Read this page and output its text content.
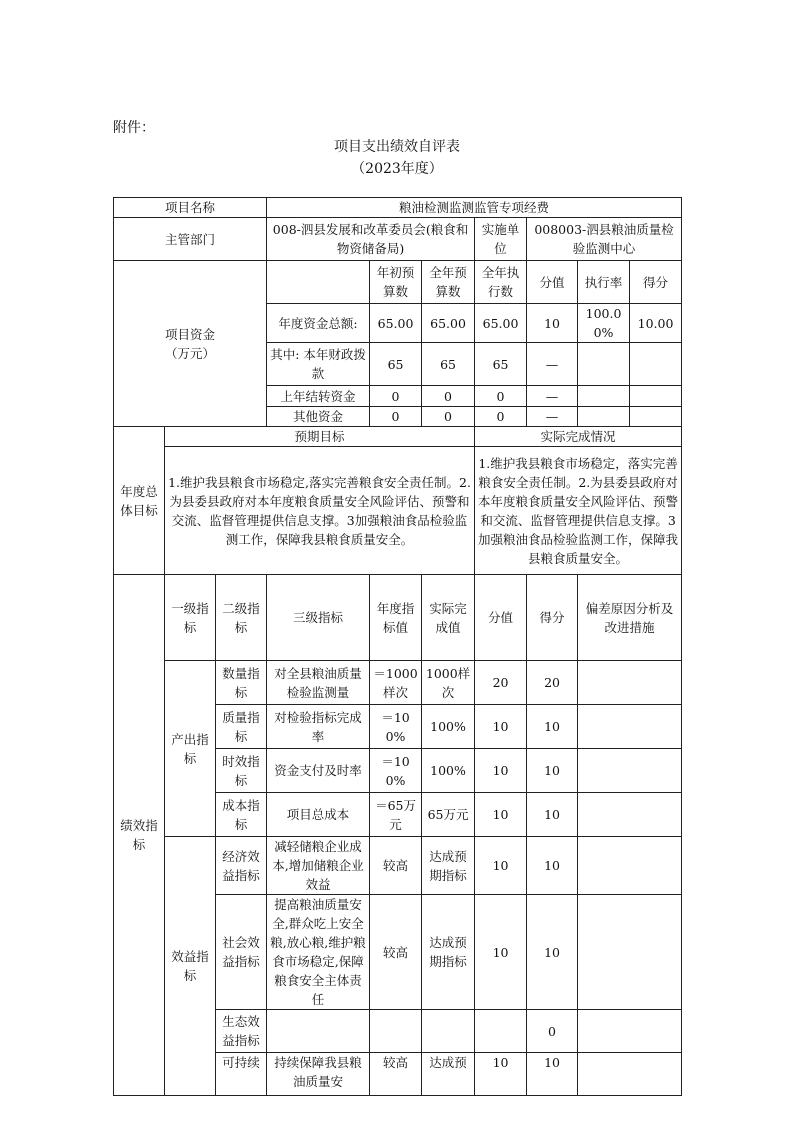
附件：
项目支出绩效自评表
（2023年度）
项目名称			粮油检测监测监管专项经费						
主管部门			008-泗县发展和改革委员会(粮食和物资储备局)			实施单位	008003-泗县粮油质量检验监测中心		

项目资金
（万元）				年初预算数	全年预算数	全年执行数	分值	执行率	得分
			年度资金总额:	65.00	65.00	65.00	10	100.00%	10.00
			其中: 本年财政拨款	65	65	65	—		
			上年结转资金	0	0	0	—		
			其他资金	0	0	0	—		
年度总体目标	预期目标					实际完成情况			
	1.维护我县粮食市场稳定,落实完善粮食安全责任制。2.为县委县政府对本年度粮食质量安全风险评估、预警和交流、监督管理提供信息支撑。3加强粮油食品检验监测工作，保障我县粮食质量安全。					1.维护我县粮食市场稳定，落实完善粮食安全责任制。2.为县委县政府对本年度粮食质量安全风险评估、预警和交流、监督管理提供信息支撑。3加强粮油食品检验监测工作，保障我县粮食质量安全。			
绩效指标	一级指标	二级指标	三级指标	年度指标值	实际完成值	分值	得分	偏差原因分析及改进措施	
	产出指标	数量指标	对全县粮油质量检验监测量	＝1000样次	1000样次	20	20		
		质量指标	对检验指标完成率	＝100%	100%	10	10		
		时效指标	资金支付及时率	＝100%	100%	10	10		
		成本指标	项目总成本	＝65万元	65万元	10	10		
	效益指标	经济效益指标	减轻储粮企业成本,增加储粮企业效益	较高	达成预期指标	10	10		
		社会效益指标	提高粮油质量安全,群众吃上安全粮,放心粮,维护粮食市场稳定,保障粮食安全主体责任	较高	达成预期指标	10	10		
		生态效益指标					0		
		可持续	持续保障我县粮油质量安	较高	达成预	10	10		
